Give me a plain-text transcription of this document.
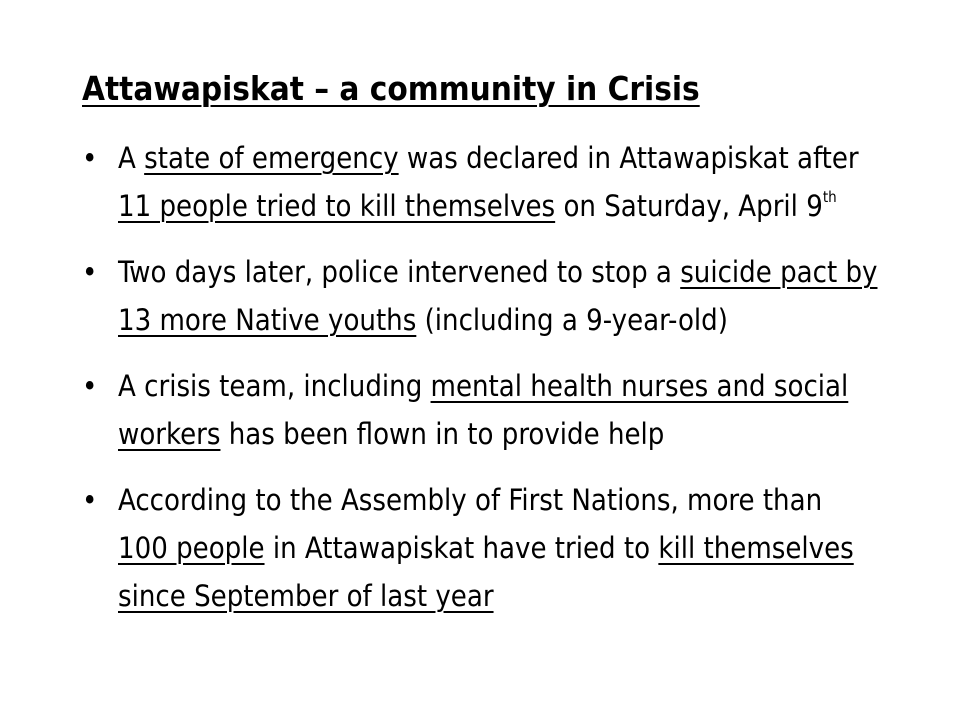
Attawapiskat – a community in Crisis
• A state of emergency was declared in Attawapiskat after
11 people tried to kill themselves on Saturday, April 9th
• Two days later, police intervened to stop a suicide pact by
13 more Native youths (including a 9-year-old)
• A crisis team, including mental health nurses and social
workers has been flown in to provide help
• According to the Assembly of First Nations, more than
100 people in Attawapiskat have tried to kill themselves
since September of last year
